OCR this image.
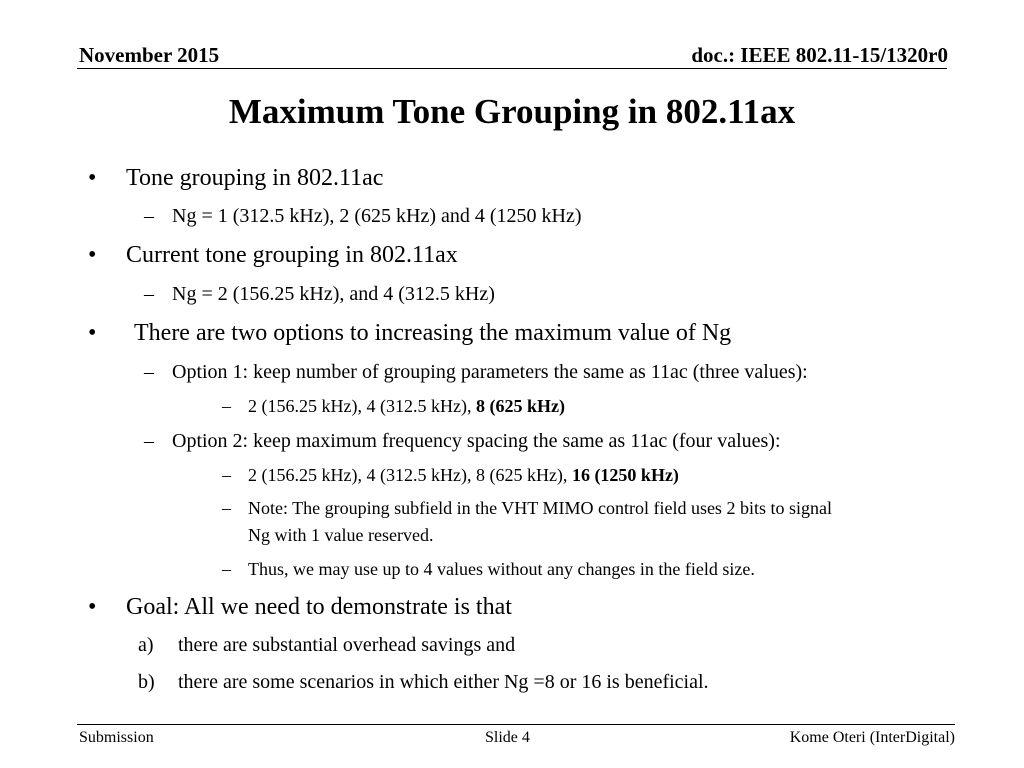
November 2015	doc.: IEEE 802.11-15/1320r0
Maximum Tone Grouping in 802.11ax
• Tone grouping in 802.11ac
– Ng = 1 (312.5 kHz), 2 (625 kHz) and 4 (1250 kHz)
• Current tone grouping in 802.11ax
– Ng = 2 (156.25 kHz), and 4 (312.5 kHz)
• There are two options to increasing the maximum value of Ng
– Option 1: keep number of grouping parameters the same as 11ac (three values):
– 2 (156.25 kHz), 4 (312.5 kHz), 8 (625 kHz)
– Option 2: keep maximum frequency spacing the same as 11ac (four values):
– 2 (156.25 kHz), 4 (312.5 kHz), 8 (625 kHz), 16 (1250 kHz)
– Note: The grouping subfield in the VHT MIMO control field uses 2 bits to signal
Ng with 1 value reserved.
– Thus, we may use up to 4 values without any changes in the field size.
• Goal: All we need to demonstrate is that
a) there are substantial overhead savings and
b) there are some scenarios in which either Ng =8 or 16 is beneficial.
Submission	Slide 4	Kome Oteri (InterDigital)
